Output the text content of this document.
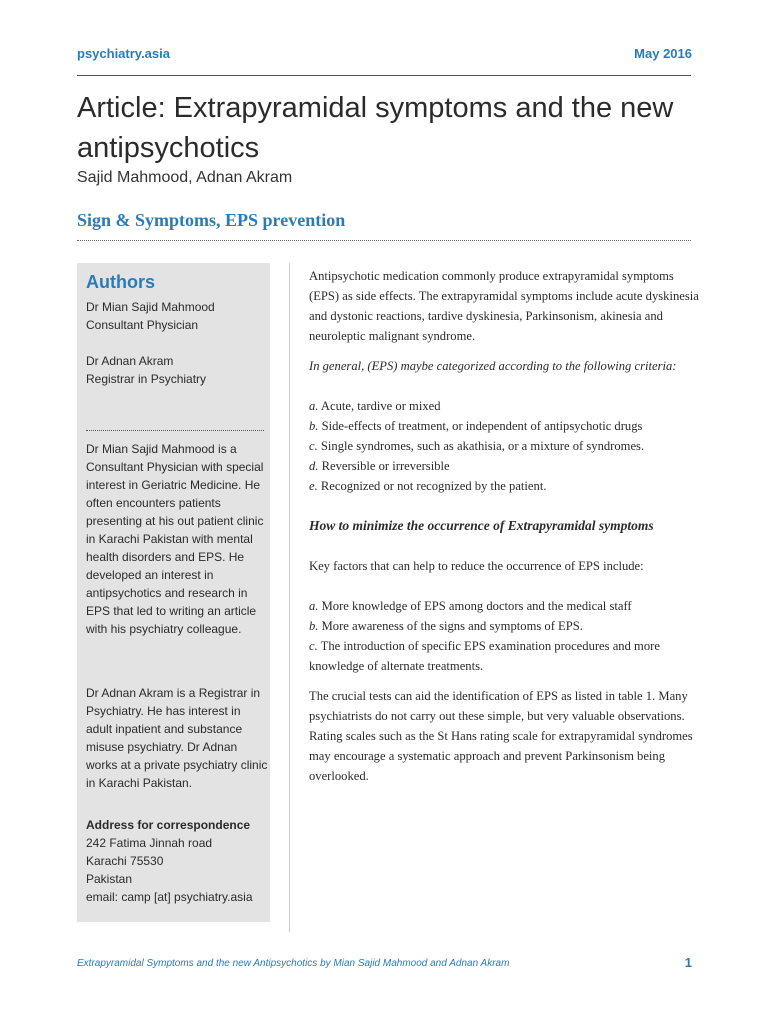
psychiatry.asia	May 2016
Article: Extrapyramidal symptoms and the new antipsychotics
Sajid Mahmood, Adnan Akram
Sign & Symptoms, EPS prevention
Authors
Dr Mian Sajid Mahmood
Consultant Physician
Dr Adnan Akram
Registrar in Psychiatry
Dr Mian Sajid Mahmood is a Consultant Physician with special interest in Geriatric Medicine. He often encounters patients presenting at his out patient clinic in Karachi Pakistan with mental health disorders and EPS. He developed an interest in antipsychotics and research in EPS that led to writing an article with his psychiatry colleague.
Dr Adnan Akram is a Registrar in Psychiatry. He has interest in adult inpatient and substance misuse psychiatry. Dr Adnan works at a private psychiatry clinic in Karachi Pakistan.
Address for correspondence
242 Fatima Jinnah road
Karachi 75530
Pakistan
email: camp [at] psychiatry.asia

Antipsychotic medication commonly produce extrapyramidal symptoms (EPS) as side effects. The extrapyramidal symptoms include acute dyskinesia and dystonic reactions, tardive dyskinesia, Parkinsonism, akinesia and neuroleptic malignant syndrome.

In general, (EPS) maybe categorized according to the following criteria:

a. Acute, tardive or mixed
b. Side-effects of treatment, or independent of antipsychotic drugs
c. Single syndromes, such as akathisia, or a mixture of syndromes.
d. Reversible or irreversible
e. Recognized or not recognized by the patient.

How to minimize the occurrence of Extrapyramidal symptoms

Key factors that can help to reduce the occurrence of EPS include:

a. More knowledge of EPS among doctors and the medical staff
b. More awareness of the signs and symptoms of EPS.
c. The introduction of specific EPS examination procedures and more knowledge of alternate treatments.

The crucial tests can aid the identification of EPS as listed in table 1. Many psychiatrists do not carry out these simple, but very valuable observations. Rating scales such as the St Hans rating scale for extrapyramidal syndromes may encourage a systematic approach and prevent Parkinsonism being overlooked.

Extrapyramidal Symptoms and the new Antipsychotics by Mian Sajid Mahmood and Adnan Akram	1
